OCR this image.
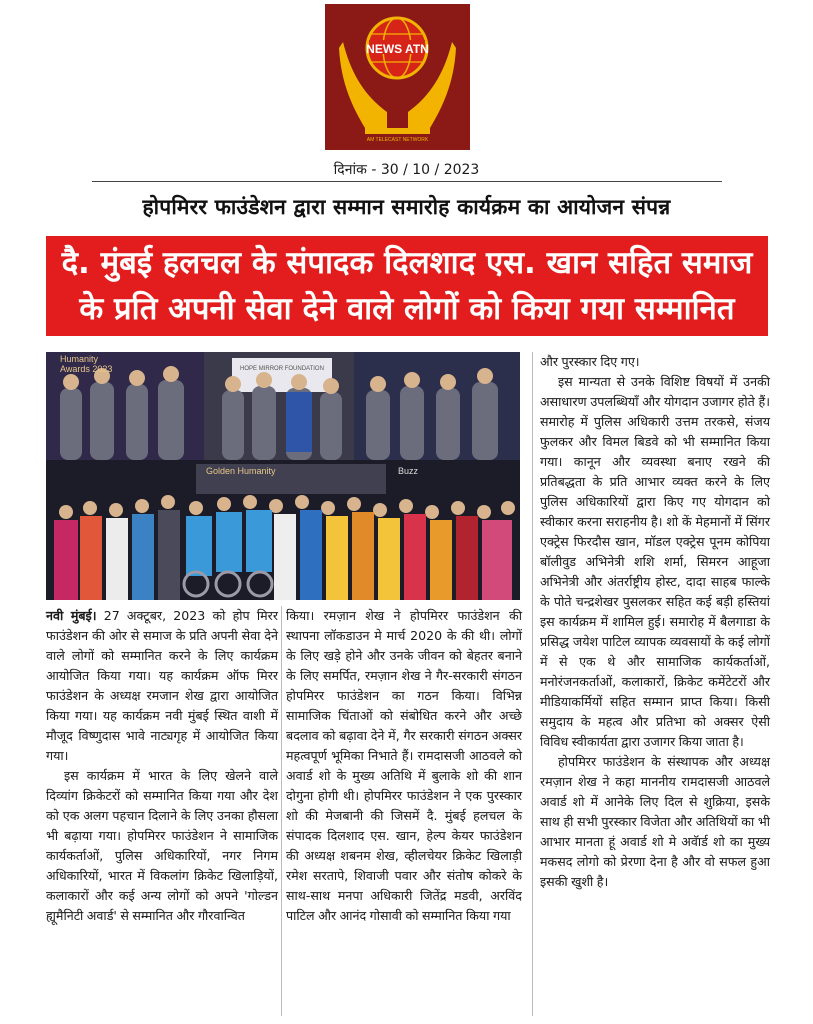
NEWS ATN
AM TELECAST NETWORK
दिनांक - 30 / 10 / 2023
होपमिरर फाउंडेशन द्वारा सम्मान समारोह कार्यक्रम का आयोजन संपन्न
दै. मुंबई हलचल के संपादक दिलशाद एस. खान सहित समाज
के प्रति अपनी सेवा देने वाले लोगों को किया गया सम्मानित
Humanity Awards 2023	HOPE MIRROR FOUNDATION
Golden Humanity	Buzz

नवी मुंबई। 27 अक्टूबर, 2023 को होप मिरर फाउंडेशन की ओर से समाज के प्रति अपनी सेवा देने वाले लोगों को सम्मानित करने के लिए कार्यक्रम आयोजित किया गया। यह कार्यक्रम ऑफ मिरर फाउंडेशन के अध्यक्ष रमजान शेख द्वारा आयोजित किया गया। यह कार्यक्रम नवी मुंबई स्थित वाशी में मौजूद विष्णुदास भावे नाट्यगृह में आयोजित किया गया।

इस कार्यक्रम में भारत के लिए खेलने वाले दिव्यांग क्रिकेटरों को सम्मानित किया गया और देश को एक अलग पहचान दिलाने के लिए उनका हौसला भी बढ़ाया गया। होपमिरर फाउंडेशन ने सामाजिक कार्यकर्ताओं, पुलिस अधिकारियों, नगर निगम अधिकारियों, भारत में विकलांग क्रिकेट खिलाड़ियों, कलाकारों और कई अन्य लोगों को अपने 'गोल्डन ह्यूमैनिटी अवार्ड' से सम्मानित और गौरवान्वित

किया। रमज़ान शेख ने होपमिरर फाउंडेशन की स्थापना लॉकडाउन मे मार्च 2020 के की थी। लोगों के लिए खड़े होने और उनके जीवन को बेहतर बनाने के लिए समर्पित, रमज़ान शेख ने गैर-सरकारी संगठन होपमिरर फाउंडेशन का गठन किया। विभिन्न सामाजिक चिंताओं को संबोधित करने और अच्छे बदलाव को बढ़ावा देने में, गैर सरकारी संगठन अक्सर महत्वपूर्ण भूमिका निभाते हैं। रामदासजी आठवले को अवार्ड शो के मुख्य अतिथि में बुलाके शो की शान दोगुना होगी थी। होपमिरर फाउंडेशन ने एक पुरस्कार शो की मेजबानी की जिसमें दै. मुंबई हलचल के संपादक दिलशाद एस. खान, हेल्प केयर फाउंडेशन की अध्यक्ष शबनम शेख, व्हीलचेयर क्रिकेट खिलाड़ी रमेश सरतापे, शिवाजी पवार और संतोष कोकरे के साथ-साथ मनपा अधिकारी जितेंद्र मडवी, अरविंद पाटिल और आनंद गोसावी को सम्मानित किया गया

और पुरस्कार दिए गए।

इस मान्यता से उनके विशिष्ट विषयों में उनकी असाधारण उपलब्धियाँ और योगदान उजागर होते हैं। समारोह में पुलिस अधिकारी उत्तम तरकसे, संजय फुलकर और विमल बिडवे को भी सम्मानित किया गया। कानून और व्यवस्था बनाए रखने की प्रतिबद्धता के प्रति आभार व्यक्त करने के लिए पुलिस अधिकारियों द्वारा किए गए योगदान को स्वीकार करना सराहनीय है। शो कें मेहमानों में सिंगर एक्ट्रेस फिरदौस खान, मॉडल एक्ट्रेस पूनम कोपिया बॉलीवुड अभिनेत्री शशि शर्मा, सिमरन आहूजा अभिनेत्री और अंतर्राष्ट्रीय होस्ट, दादा साहब फाल्के के पोते चन्द्रशेखर पुसलकर सहित कई बड़ी हस्तियां इस कार्यक्रम में शामिल हुई। समारोह में बैलगाडा के प्रसिद्ध जयेश पाटिल व्यापक व्यवसायों के कई लोगों में से एक थे और सामाजिक कार्यकर्ताओं, मनोरंजनकर्ताओं, कलाकारों, क्रिकेट कमेंटेटरों और मीडियाकर्मियों सहित सम्मान प्राप्त किया। किसी समुदाय के महत्व और प्रतिभा को अक्सर ऐसी विविध स्वीकार्यता द्वारा उजागर किया जाता है।

होपमिरर फाउंडेशन के संस्थापक और अध्यक्ष रमज़ान शेख ने कहा माननीय रामदासजी आठवले अवार्ड शो में आनेके लिए दिल से शुक्रिया, इसके साथ ही सभी पुरस्कार विजेता और अतिथियों का भी आभार मानता हूं अवार्ड शो मे अवॅार्ड शो का मुख्य मकसद लोगो को प्रेरणा देना है और वो सफल हुआ इसकी खुशी है।
